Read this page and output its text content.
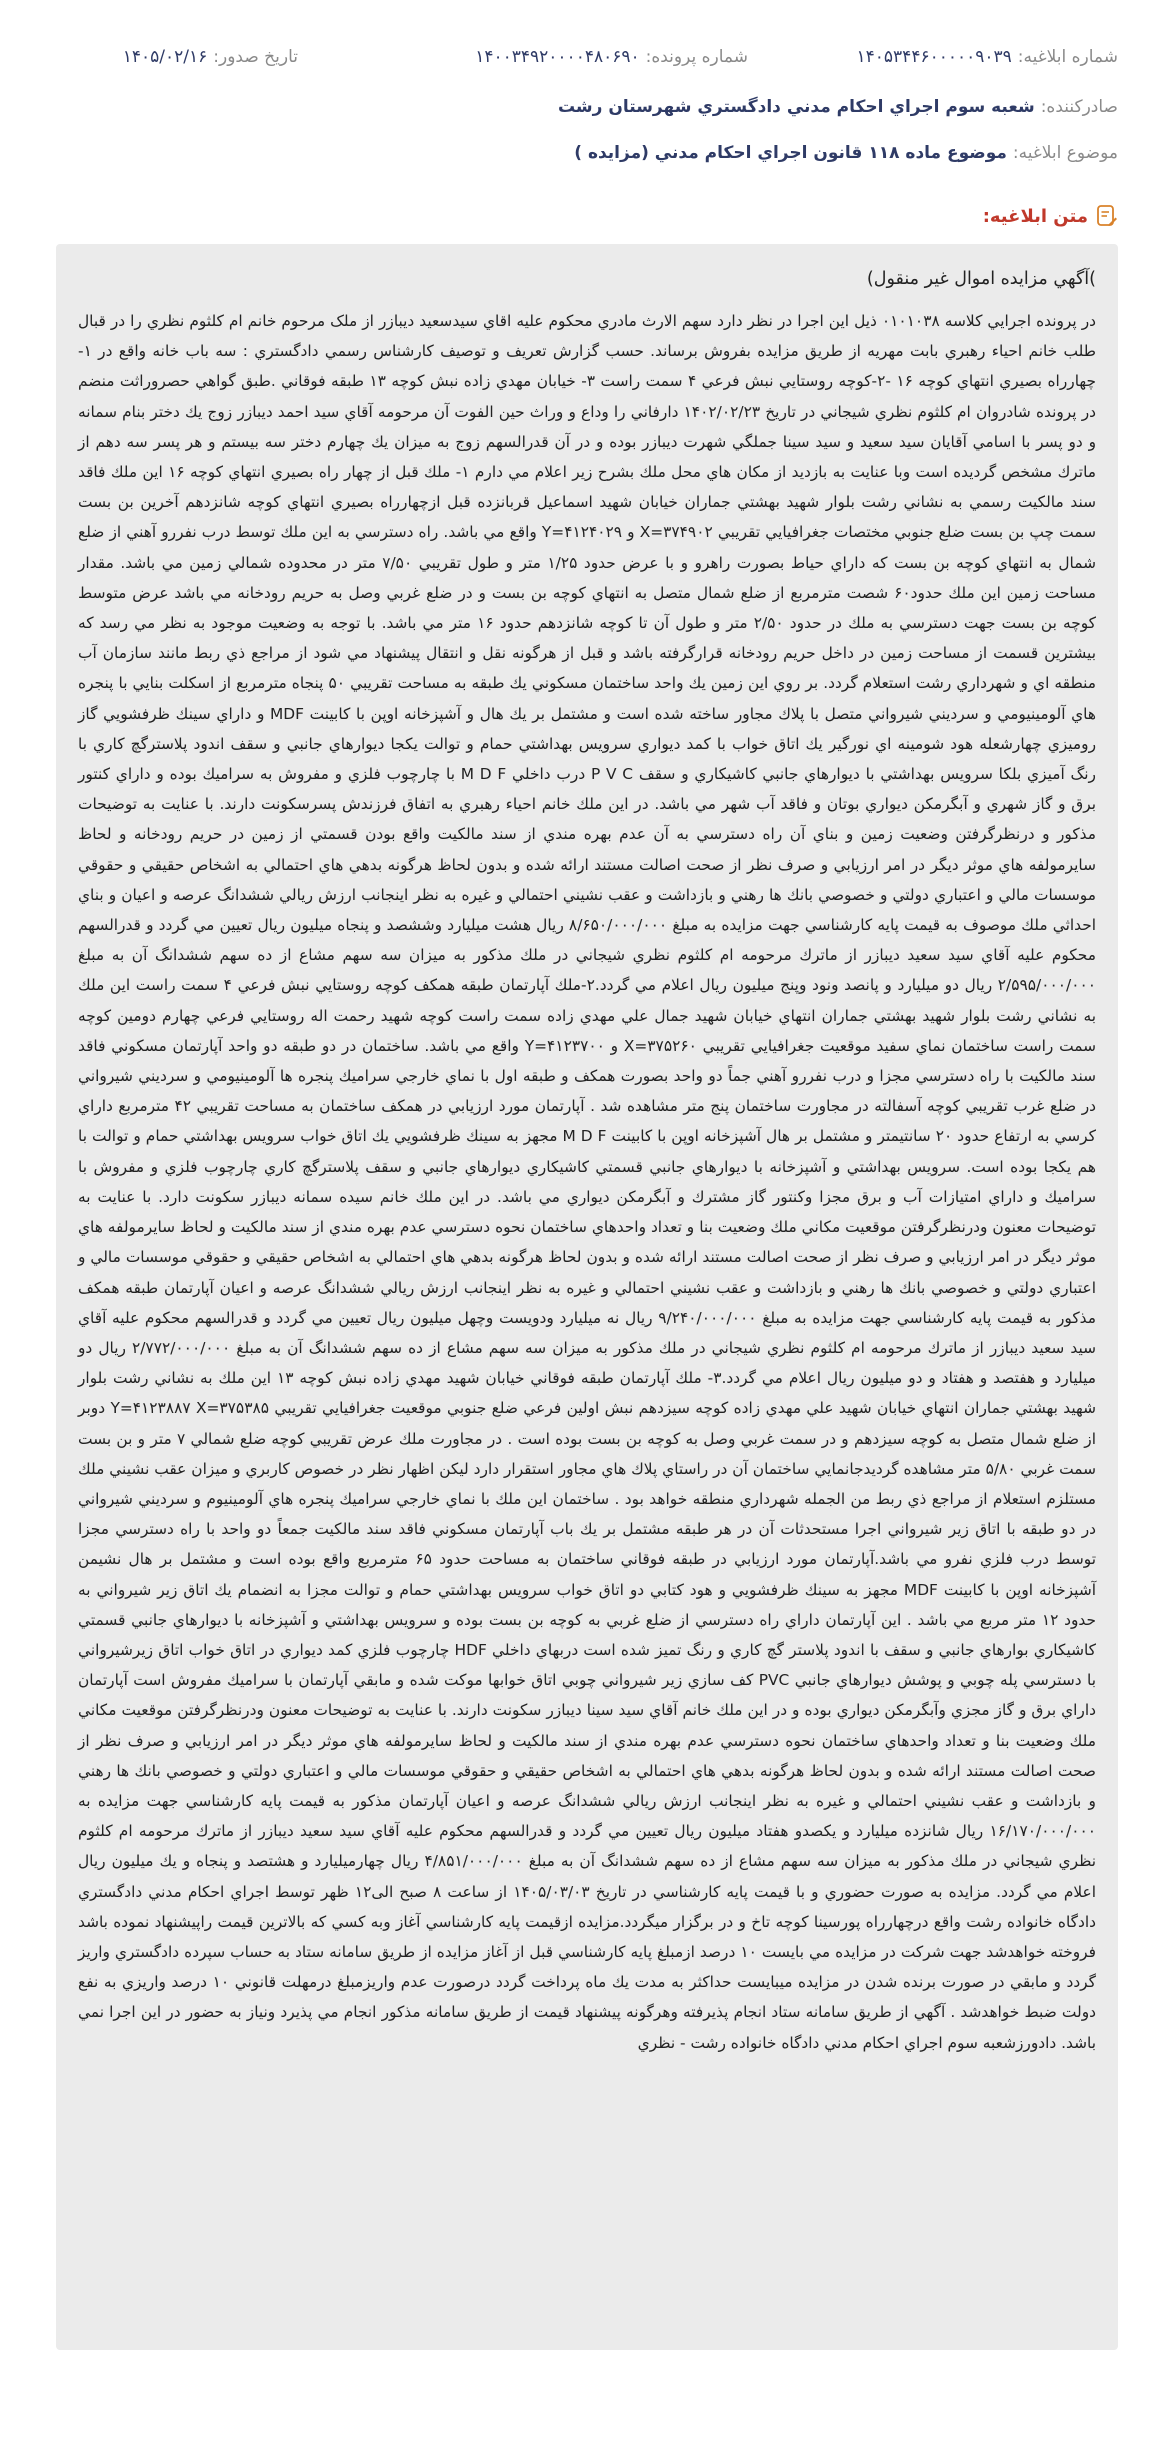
شماره ابلاغيه:
۱۴۰۵۳۴۴۶۰۰۰۰۰۹۰۳۹
شماره پرونده:
۱۴۰۰۳۴۹۲۰۰۰۰۴۸۰۶۹۰
تاريخ صدور:
۱۴۰۵/۰۲/۱۶
صادرکننده:
شعبه سوم اجراي احكام مدني دادگستري شهرستان رشت
موضوع ابلاغيه:
موضوع ماده ۱۱۸ قانون اجراي احكام مدني (مزايده )
متن ابلاغيه:
)آگهي مزايده اموال غير منقول)

در پرونده اجرايي كلاسه ۰۱۰۱۰۳۸ ذيل اين اجرا در نظر دارد سهم الارث مادري محكوم عليه اقاي سيدسعيد ديبازر از ملک مرحوم خانم ام كلثوم نظري را در قبال طلب خانم احياء رهبري بابت مهريه از طريق مزايده بفروش برساند. حسب گزارش تعريف و توصيف كارشناس رسمي دادگستري : سه باب خانه واقع در ۱-چهارراه بصيري انتهاي كوچه ۱۶ -۲-كوچه روستايي نبش فرعي ۴ سمت راست ۳- خيابان مهدي زاده نبش كوچه ۱۳ طبقه فوقاني .طبق گواهي حصروراثت منضم در پرونده شادروان ام كلثوم نظري شيجاني در تاريخ ۱۴۰۲/۰۲/۲۳ دارفاني را وداع و وراث حين الفوت آن مرحومه آقاي سيد احمد ديبازر زوج يك دختر بنام سمانه و دو پسر با اسامي آقايان سيد سعيد و سيد سينا جملگي شهرت ديبازر بوده و در آن قدرالسهم زوج به ميزان يك چهارم دختر سه بيستم و هر پسر سه دهم از ماترك مشخص گرديده است وبا عنايت به بازديد از مكان هاي محل ملك بشرح زير اعلام مي دارم ۱- ملك قبل از چهار راه بصيري انتهاي كوچه ۱۶ اين ملك فاقد سند مالكيت رسمي به نشاني رشت بلوار شهيد بهشتي جماران خيابان شهيد اسماعيل قربانزده قبل ازچهارراه بصيري انتهاي كوچه شانزدهم آخرين بن بست سمت چپ بن بست ضلع جنوبي مختصات جغرافيايي تقريبي X=۳۷۴۹۰۲ و Y=۴۱۲۴۰۲۹ واقع مي باشد. راه دسترسي به اين ملك توسط درب نفررو آهني از ضلع شمال به انتهاي كوچه بن بست كه داراي حياط بصورت راهرو و با عرض حدود ۱/۲۵ متر و طول تقريبي ۷/۵۰ متر در محدوده شمالي زمين مي باشد. مقدار مساحت زمين اين ملك حدود۶۰ شصت مترمربع از ضلع شمال متصل به انتهاي كوچه بن بست و در ضلع غربي وصل به حريم رودخانه مي باشد عرض متوسط كوچه بن بست جهت دسترسي به ملك در حدود ۲/۵۰ متر و طول آن تا كوچه شانزدهم حدود ۱۶ متر مي باشد. با توجه به وضعيت موجود به نظر مي رسد كه بيشترين قسمت از مساحت زمين در داخل حريم رودخانه قرارگرفته باشد و قبل از هرگونه نقل و انتقال پيشنهاد مي شود از مراجع ذي ربط مانند سازمان آب منطقه اي و شهرداري رشت استعلام گردد. بر روي اين زمين يك واحد ساختمان مسكوني يك طبقه به مساحت تقريبي ۵۰ پنجاه مترمربع از اسكلت بنايي با پنجره هاي آلومينيومي و سرديني شيرواني متصل با پلاك مجاور ساخته شده است و مشتمل بر يك هال و آشپزخانه اوپن با كابينت MDF و داراي سينك ظرفشويي گاز روميزي چهارشعله هود شومينه اي نورگير يك اتاق خواب با كمد ديواري سرويس بهداشتي حمام و توالت يكجا ديوارهاي جانبي و سقف اندود پلاسترگچ كاري با رنگ آميزي بلكا سرويس بهداشتي با ديوارهاي جانبي كاشيكاري و سقف P V C درب داخلي M D F با چارچوب فلزي و مفروش به سراميك بوده و داراي كنتور برق و گاز شهري و آبگرمكن ديواري بوتان و فاقد آب شهر مي باشد. در اين ملك خانم احياء رهبري به اتفاق فرزندش پسرسكونت دارند. با عنايت به توضيحات مذكور و درنظرگرفتن وضعيت زمين و بناي آن راه دسترسي به آن عدم بهره مندي از سند مالكيت واقع بودن قسمتي از زمين در حريم رودخانه و لحاظ سايرمولفه هاي موثر ديگر در امر ارزيابي و صرف نظر از صحت اصالت مستند ارائه شده و بدون لحاظ هرگونه بدهي هاي احتمالي به اشخاص حقيقي و حقوقي موسسات مالي و اعتباري دولتي و خصوصي بانك ها رهني و بازداشت و عقب نشيني احتمالي و غيره به نظر اينجانب ارزش ريالي ششدانگ عرصه و اعيان و بناي احداثي ملك موصوف به قيمت پايه كارشناسي جهت مزايده به مبلغ ۸/۶۵۰/۰۰۰/۰۰۰ ريال هشت ميليارد وششصد و پنجاه ميليون ريال تعيين مي گردد و قدرالسهم محكوم عليه آقاي سيد سعيد ديبازر از ماترك مرحومه ام كلثوم نظري شيجاني در ملك مذكور به ميزان سه سهم مشاع از ده سهم ششدانگ آن به مبلغ ۲/۵۹۵/۰۰۰/۰۰۰ ريال دو ميليارد و پانصد ونود وپنج ميليون ريال اعلام مي گردد.۲-ملك آپارتمان طبقه همكف كوچه روستايي نبش فرعي ۴ سمت راست اين ملك به نشاني رشت بلوار شهيد بهشتي جماران انتهاي خيابان شهيد جمال علي مهدي زاده سمت راست كوچه شهيد رحمت اله روستايي فرعي چهارم دومين كوچه سمت راست ساختمان نماي سفيد موقعيت جغرافيايي تقريبي X=۳۷۵۲۶۰ و Y=۴۱۲۳۷۰۰ واقع مي باشد. ساختمان در دو طبقه دو واحد آپارتمان مسكوني فاقد سند مالكيت با راه دسترسي مجزا و درب نفررو آهني جماً دو واحد بصورت همكف و طبقه اول با نماي خارجي سراميك پنجره ها آلومينيومي و سرديني شيرواني در ضلع غرب تقريبي كوچه آسفالته در مجاورت ساختمان پنج متر مشاهده شد . آپارتمان مورد ارزيابي در همكف ساختمان به مساحت تقريبي ۴۲ مترمربع داراي كرسي به ارتفاع حدود ۲۰ سانتيمتر و مشتمل بر هال آشپزخانه اوپن با كابينت M D F مجهز به سينك ظرفشويي يك اتاق خواب سرويس بهداشتي حمام و توالت با هم يكجا بوده است. سرويس بهداشتي و آشپزخانه با ديوارهاي جانبي قسمتي كاشيكاري ديوارهاي جانبي و سقف پلاسترگچ كاري چارچوب فلزي و مفروش با سراميك و داراي امتيازات آب و برق مجزا وكنتور گاز مشترك و آبگرمكن ديواري مي باشد. در اين ملك خانم سيده سمانه ديبازر سكونت دارد. با عنايت به توضيحات معنون ودرنظرگرفتن موقعيت مكاني ملك وضعيت بنا و تعداد واحدهاي ساختمان نحوه دسترسي عدم بهره مندي از سند مالكيت و لحاظ سايرمولفه هاي موثر ديگر در امر ارزيابي و صرف نظر از صحت اصالت مستند ارائه شده و بدون لحاظ هرگونه بدهي هاي احتمالي به اشخاص حقيقي و حقوقي موسسات مالي و اعتباري دولتي و خصوصي بانك ها رهني و بازداشت و عقب نشيني احتمالي و غيره به نظر اينجانب ارزش ريالي ششدانگ عرصه و اعيان آپارتمان طبقه همكف مذكور به قيمت پايه كارشناسي جهت مزايده به مبلغ ۹/۲۴۰/۰۰۰/۰۰۰ ريال نه ميليارد ودويست وچهل ميليون ريال تعيين مي گردد و قدرالسهم محكوم عليه آقاي سيد سعيد ديبازر از ماترك مرحومه ام كلثوم نظري شيجاني در ملك مذكور به ميزان سه سهم مشاع از ده سهم ششدانگ آن به مبلغ ۲/۷۷۲/۰۰۰/۰۰۰ ريال دو ميليارد و هفتصد و هفتاد و دو ميليون ريال اعلام مي گردد.۳- ملك آپارتمان طبقه فوقاني خيابان شهيد مهدي زاده نبش كوچه ۱۳ اين ملك به نشاني رشت بلوار شهيد بهشتي جماران انتهاي خيابان شهيد علي مهدي زاده كوچه سيزدهم نبش اولين فرعي ضلع جنوبي موقعيت جغرافيايي تقريبي Y=۴۱۲۳۸۸۷ X=۳۷۵۳۸۵ دوبر از ضلع شمال متصل به كوچه سيزدهم و در سمت غربي وصل به كوچه بن بست بوده است . در مجاورت ملك عرض تقريبي كوچه ضلع شمالي ۷ متر و بن بست سمت غربي ۵/۸۰ متر مشاهده گرديدجانمايي ساختمان آن در راستاي پلاك هاي مجاور استقرار دارد ليكن اظهار نظر در خصوص كاربري و ميزان عقب نشيني ملك مستلزم استعلام از مراجع ذي ربط من الجمله شهرداري منطقه خواهد بود . ساختمان اين ملك با نماي خارجي سراميك پنجره هاي آلومينيوم و سرديني شيرواني در دو طبقه با اتاق زير شيرواني اجرا مستحدثات آن در هر طبقه مشتمل بر يك باب آپارتمان مسكوني فاقد سند مالكيت جمعاً دو واحد با راه دسترسي مجزا توسط درب فلزي نفرو مي باشد.آپارتمان مورد ارزيابي در طبقه فوقاني ساختمان به مساحت حدود ۶۵ مترمربع واقع بوده است و مشتمل بر هال نشيمن آشپزخانه اوپن با كابينت MDF مجهز به سينك ظرفشويي و هود كتابي دو اتاق خواب سرويس بهداشتي حمام و توالت مجزا به انضمام يك اتاق زير شيرواني به حدود ۱۲ متر مربع مي باشد . اين آپارتمان داراي راه دسترسي از ضلع غربي به كوچه بن بست بوده و سرويس بهداشتي و آشپزخانه با ديوارهاي جانبي قسمتي كاشيكاري بوارهاي جانبي و سقف با اندود پلاستر گچ كاري و رنگ تميز شده است دربهاي داخلي HDF چارچوب فلزي كمد ديواري در اتاق خواب اتاق زيرشيرواني با دسترسي پله چوبي و پوشش ديوارهاي جانبي PVC كف سازي زير شيرواني چوبي اتاق خوابها موكت شده و مابقي آپارتمان با سراميك مفروش است آپارتمان داراي برق و گاز مجزي وآبگرمكن ديواري بوده و در اين ملك خانم آقاي سيد سينا ديبازر سكونت دارند. با عنايت به توضيحات معنون ودرنظرگرفتن موقعيت مكاني ملك وضعيت بنا و تعداد واحدهاي ساختمان نحوه دسترسي عدم بهره مندي از سند مالكيت و لحاظ سايرمولفه هاي موثر ديگر در امر ارزيابي و صرف نظر از صحت اصالت مستند ارائه شده و بدون لحاظ هرگونه بدهي هاي احتمالي به اشخاص حقيقي و حقوقي موسسات مالي و اعتباري دولتي و خصوصي بانك ها رهني و بازداشت و عقب نشيني احتمالي و غيره به نظر اينجانب ارزش ريالي ششدانگ عرصه و اعيان آپارتمان مذكور به قيمت پايه كارشناسي جهت مزايده به ۱۶/۱۷۰/۰۰۰/۰۰۰ ريال شانزده ميليارد و يكصدو هفتاد ميليون ريال تعيين مي گردد و قدرالسهم محكوم عليه آقاي سيد سعيد ديبازر از ماترك مرحومه ام كلثوم نظري شيجاني در ملك مذكور به ميزان سه سهم مشاع از ده سهم ششدانگ آن به مبلغ ۴/۸۵۱/۰۰۰/۰۰۰ ريال چهارميليارد و هشتصد و پنجاه و يك ميليون ريال اعلام مي گردد. مزايده به صورت حضوري و با قيمت پايه كارشناسي در تاريخ ۱۴۰۵/۰۳/۰۳ از ساعت ۸ صبح الی۱۲ ظهر توسط اجراي احكام مدني دادگستري دادگاه خانواده رشت واقع درچهارراه پورسينا كوچه تاخ و در برگزار ميگردد.مزايده ازقيمت پايه كارشناسي آغاز وبه كسي كه بالاترين قيمت راپيشنهاد نموده باشد فروخته خواهدشد جهت شركت در مزايده مي بايست ۱۰ درصد ازمبلغ پايه كارشناسي قبل از آغاز مزايده از طريق سامانه ستاد به حساب سپرده دادگستري واريز گردد و مابقي در صورت برنده شدن در مزايده ميبايست حداكثر به مدت يك ماه پرداخت گردد درصورت عدم واريزمبلغ درمهلت قانوني ۱۰ درصد واريزي به نفع دولت ضبط خواهدشد . آگهي از طريق سامانه ستاد انجام پذيرفته وهرگونه پيشنهاد قيمت از طريق سامانه مذكور انجام مي پذيرد ونياز به حضور در اين اجرا نمي باشد. دادورزشعبه سوم اجراي احكام مدني دادگاه خانواده رشت - نظري
